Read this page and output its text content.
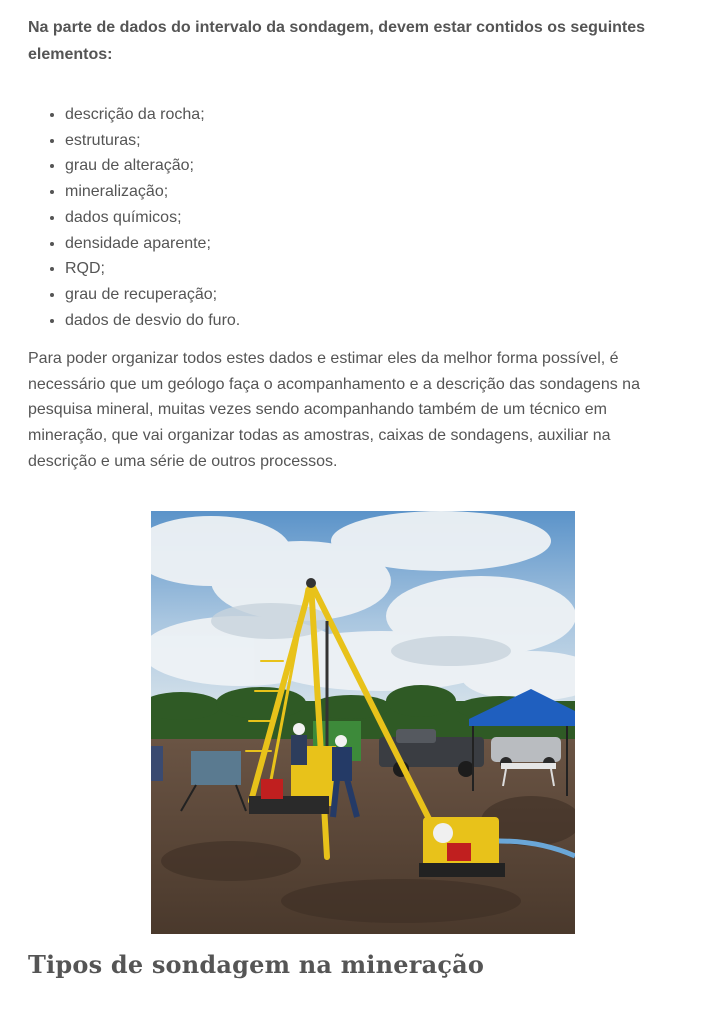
Na parte de dados do intervalo da sondagem, devem estar contidos os seguintes elementos:

• descrição da rocha;
• estruturas;
• grau de alteração;
• mineralização;
• dados químicos;
• densidade aparente;
• RQD;
• grau de recuperação;
• dados de desvio do furo.

Para poder organizar todos estes dados e estimar eles da melhor forma possível, é necessário que um geólogo faça o acompanhamento e a descrição das sondagens na pesquisa mineral, muitas vezes sendo acompanhando também de um técnico em mineração, que vai organizar todas as amostras, caixas de sondagens, auxiliar na descrição e uma série de outros processos.

Tipos de sondagem na mineração
